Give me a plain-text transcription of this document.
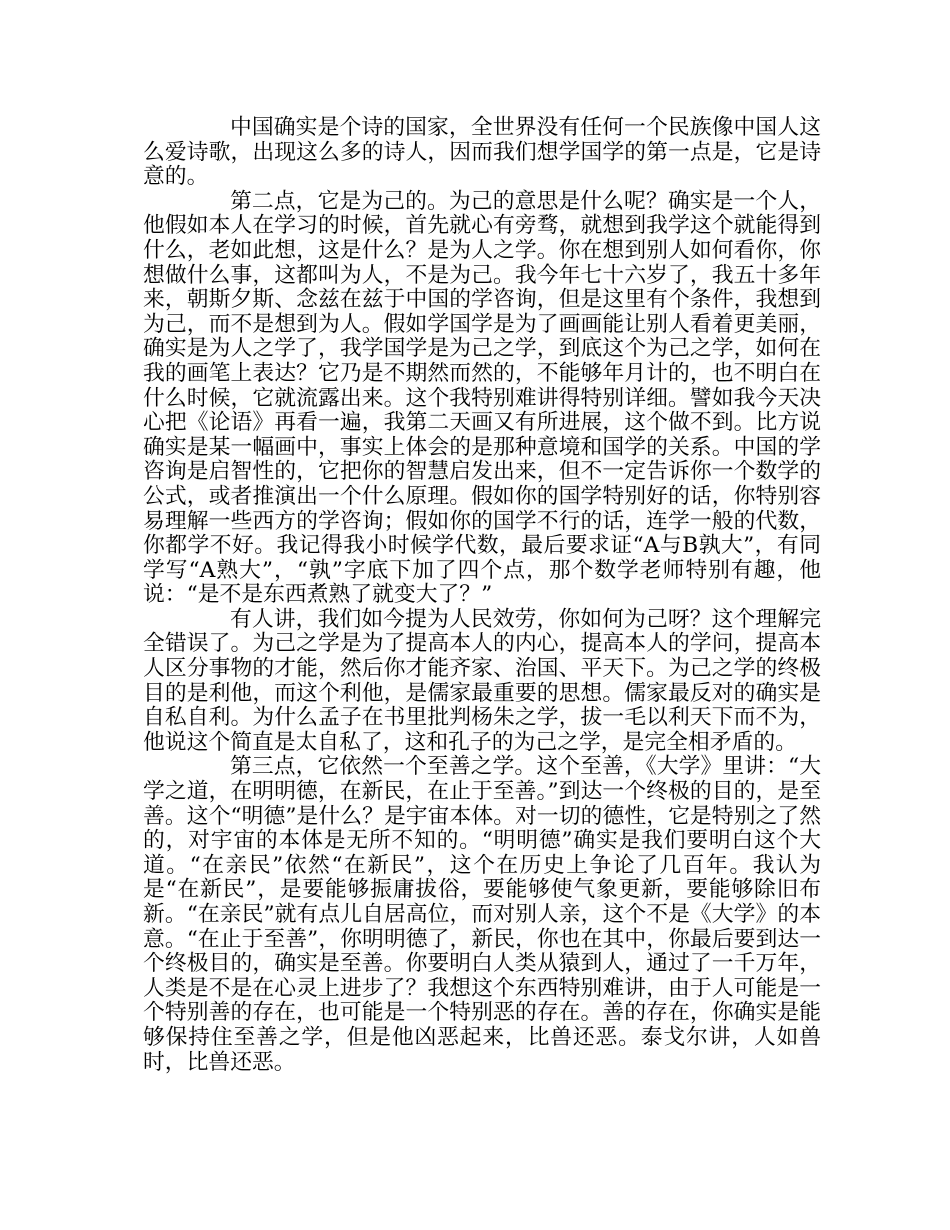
中国确实是个诗的国家，全世界没有任何一个民族像中国人这么爱诗歌，出现这么多的诗人，因而我们想学国学的第一点是，它是诗意的。

第二点，它是为己的。为己的意思是什么呢？确实是一个人，他假如本人在学习的时候，首先就心有旁骛，就想到我学这个就能得到什么，老如此想，这是什么？是为人之学。你在想到别人如何看你，你想做什么事，这都叫为人，不是为己。我今年七十六岁了，我五十多年来，朝斯夕斯、念兹在兹于中国的学咨询，但是这里有个条件，我想到为己，而不是想到为人。假如学国学是为了画画能让别人看着更美丽，确实是为人之学了，我学国学是为己之学，到底这个为己之学，如何在我的画笔上表达？它乃是不期然而然的，不能够年月计的，也不明白在什么时候，它就流露出来。这个我特别难讲得特别详细。譬如我今天决心把《论语》再看一遍，我第二天画又有所进展，这个做不到。比方说确实是某一幅画中，事实上体会的是那种意境和国学的关系。中国的学咨询是启智性的，它把你的智慧启发出来，但不一定告诉你一个数学的公式，或者推演出一个什么原理。假如你的国学特别好的话，你特别容易理解一些西方的学咨询；假如你的国学不行的话，连学一般的代数，你都学不好。我记得我小时候学代数，最后要求证“A与B孰大”，有同学写“A熟大”，“孰”字底下加了四个点，那个数学老师特别有趣，他说：“是不是东西煮熟了就变大了？”

有人讲，我们如今提为人民效劳，你如何为己呀？这个理解完全错误了。为己之学是为了提高本人的内心，提高本人的学问，提高本人区分事物的才能，然后你才能齐家、治国、平天下。为己之学的终极目的是利他，而这个利他，是儒家最重要的思想。儒家最反对的确实是自私自利。为什么孟子在书里批判杨朱之学，拔一毛以利天下而不为，他说这个简直是太自私了，这和孔子的为己之学，是完全相矛盾的。

第三点，它依然一个至善之学。这个至善，《大学》里讲：“大学之道，在明明德，在新民，在止于至善。”到达一个终极的目的，是至善。这个“明德”是什么？是宇宙本体。对一切的德性，它是特别之了然的，对宇宙的本体是无所不知的。“明明德”确实是我们要明白这个大道。“在亲民”依然“在新民”，这个在历史上争论了几百年。我认为是“在新民”，是要能够振庸拔俗，要能够使气象更新，要能够除旧布新。“在亲民”就有点儿自居高位，而对别人亲，这个不是《大学》的本意。“在止于至善”，你明明德了，新民，你也在其中，你最后要到达一个终极目的，确实是至善。你要明白人类从猿到人，通过了一千万年，人类是不是在心灵上进步了？我想这个东西特别难讲，由于人可能是一个特别善的存在，也可能是一个特别恶的存在。善的存在，你确实是能够保持住至善之学，但是他凶恶起来，比兽还恶。泰戈尔讲，人如兽时，比兽还恶。
